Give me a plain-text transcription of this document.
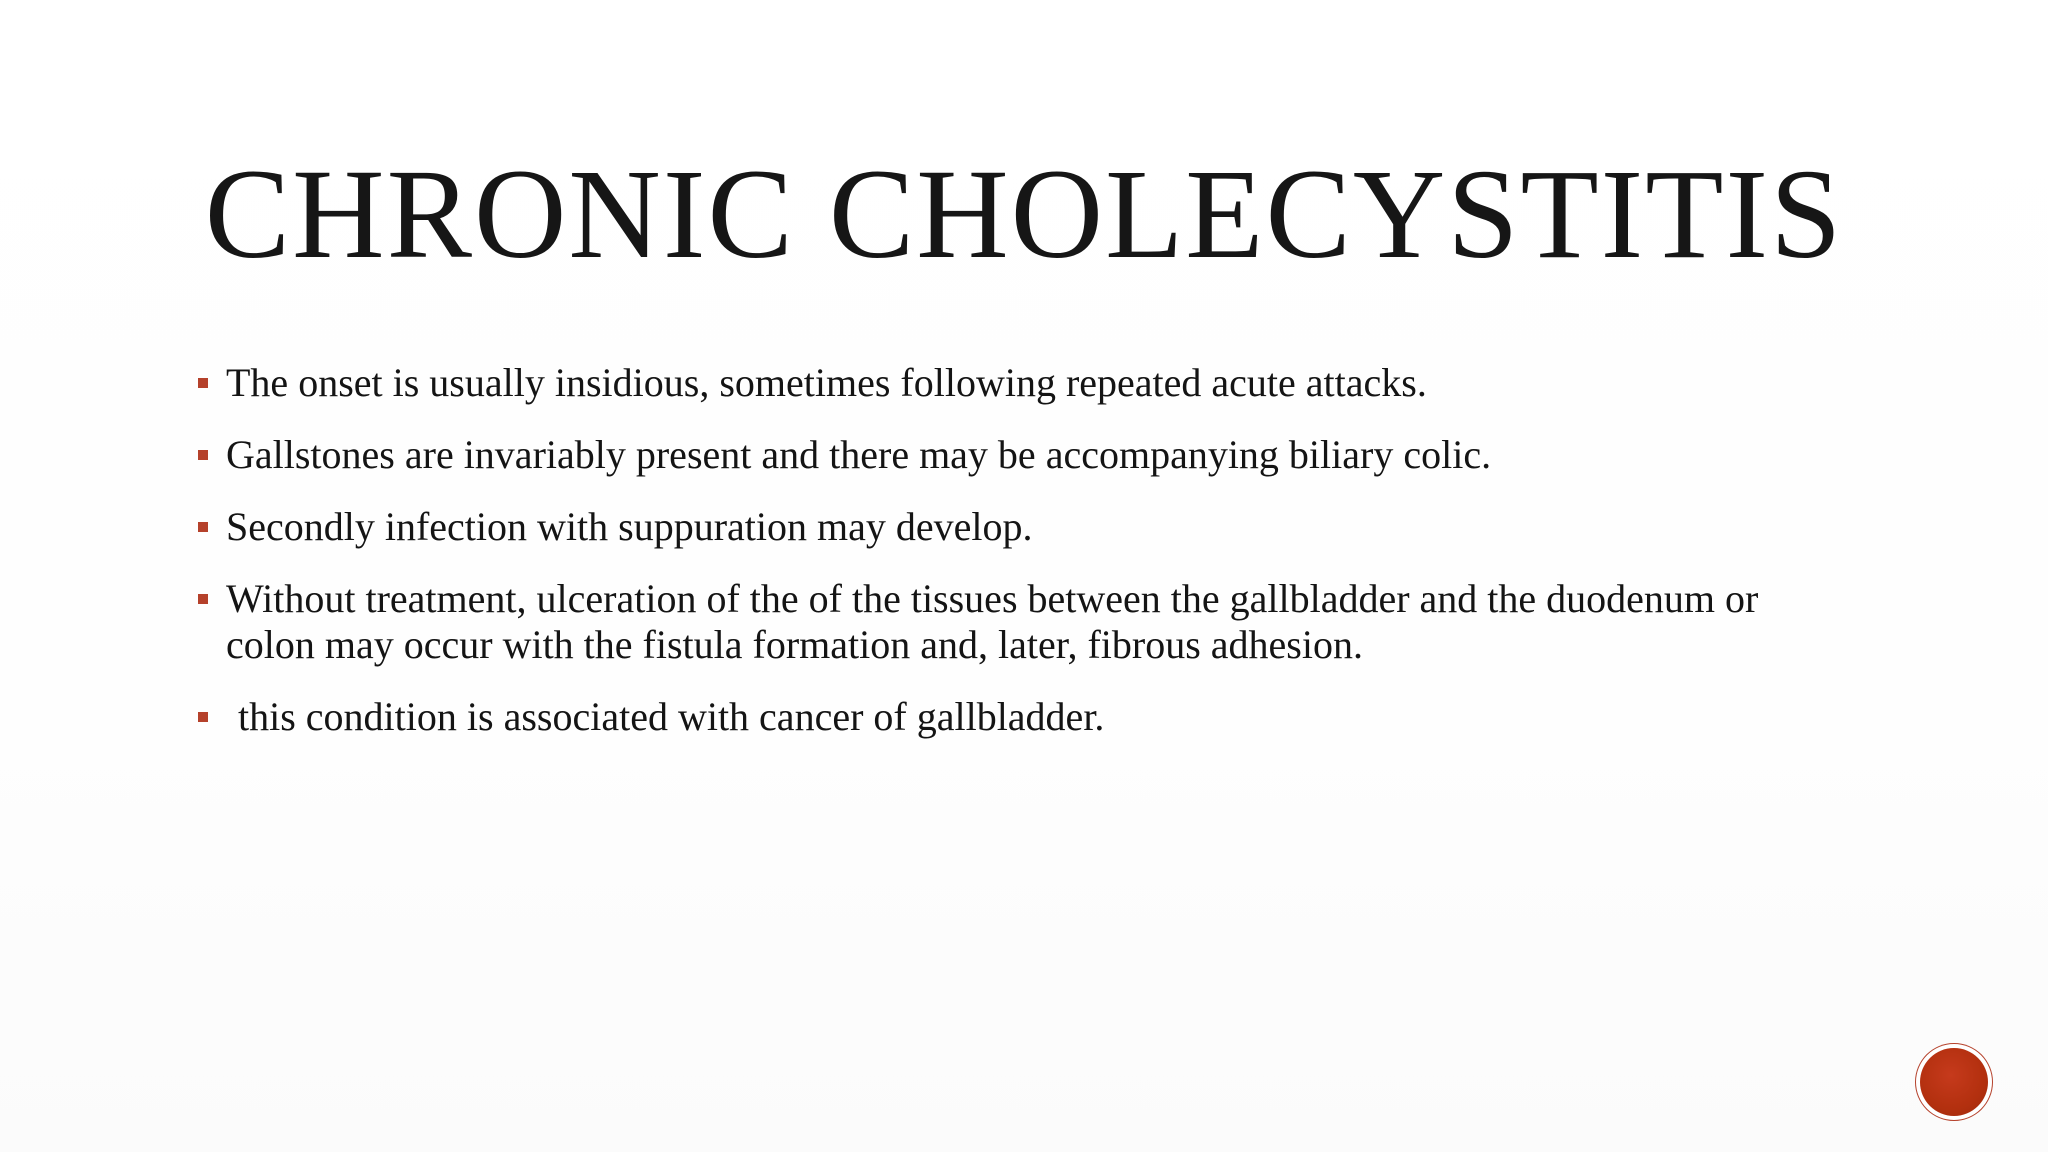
CHRONIC CHOLECYSTITIS
The onset is usually insidious, sometimes following repeated acute attacks.
Gallstones are invariably present and there may be accompanying biliary colic.
Secondly infection with suppuration may develop.
Without treatment, ulceration of the of the tissues between the gallbladder and the duodenum or colon may occur with the fistula formation and, later, fibrous adhesion.
this condition is associated with cancer of gallbladder.
